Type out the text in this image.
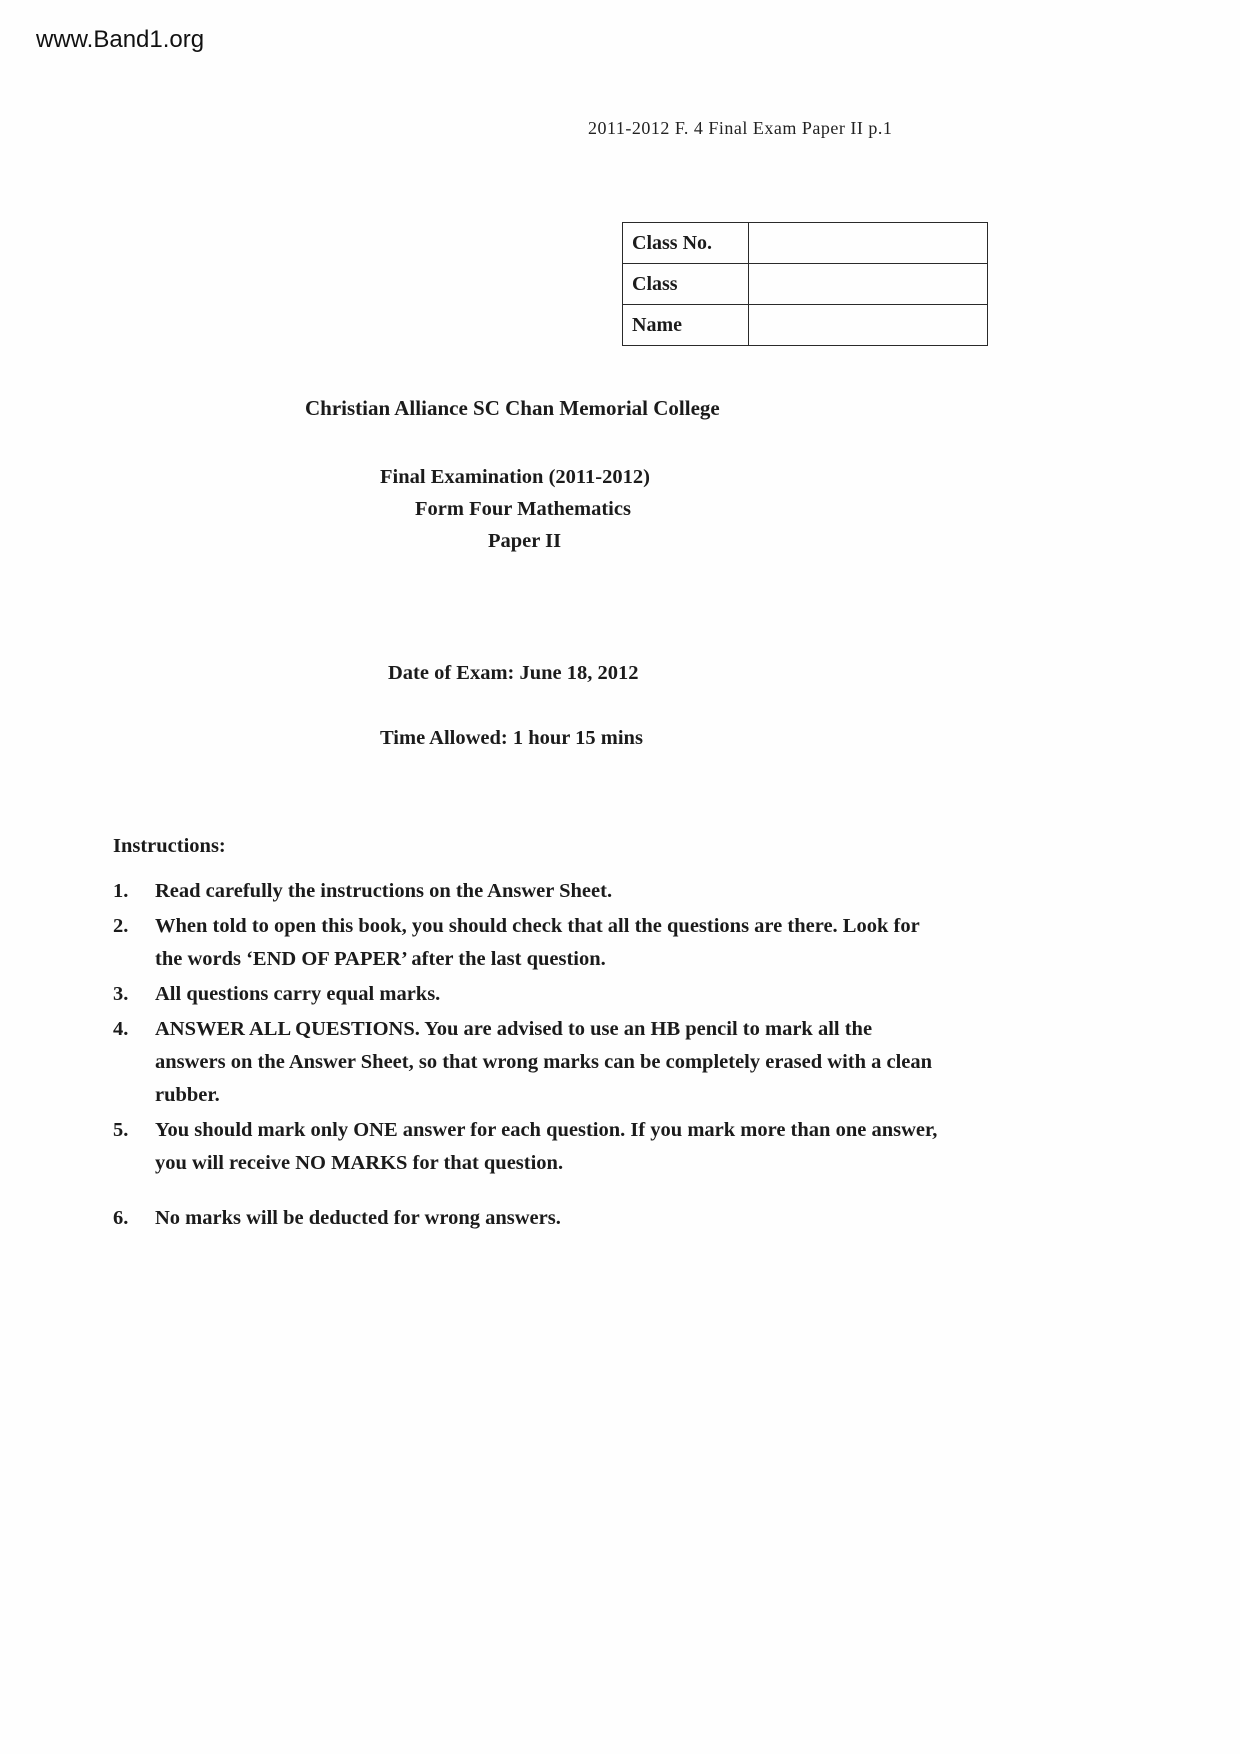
www.Band1.org
2011-2012 F. 4 Final Exam Paper II p.1
Class No.	
Class	
Name	
Christian Alliance SC Chan Memorial College
Final Examination (2011-2012)
Form Four Mathematics
Paper II
Date of Exam: June 18, 2012
Time Allowed: 1 hour 15 mins
Instructions:
1.	Read carefully the instructions on the Answer Sheet.
2.	When told to open this book, you should check that all the questions are there. Look for the words ‘END OF PAPER’ after the last question.
3.	All questions carry equal marks.
4.	ANSWER ALL QUESTIONS. You are advised to use an HB pencil to mark all the answers on the Answer Sheet, so that wrong marks can be completely erased with a clean rubber.
5.	You should mark only ONE answer for each question. If you mark more than one answer, you will receive NO MARKS for that question.
6.	No marks will be deducted for wrong answers.
